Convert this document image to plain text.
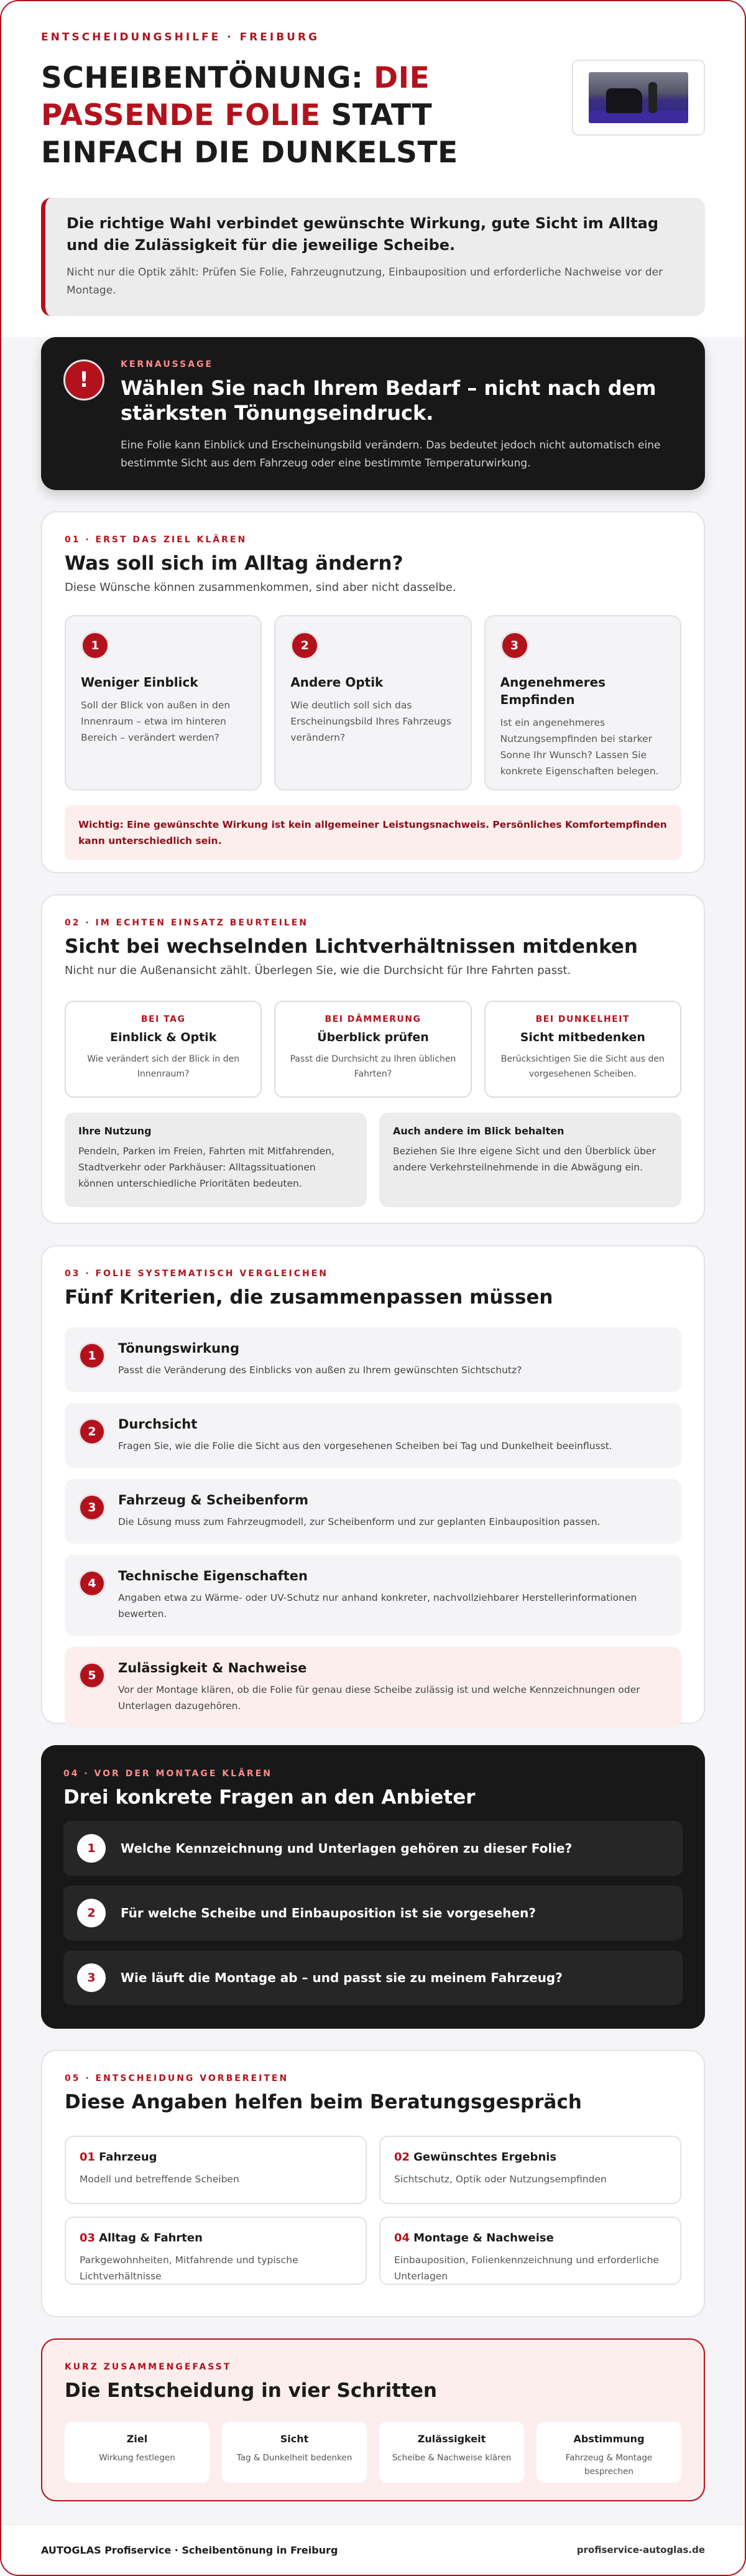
ENTSCHEIDUNGSHILFE · FREIBURG
SCHEIBENTÖNUNG: DIE PASSENDE FOLIE STATT EINFACH DIE DUNKELSTE
Die richtige Wahl verbindet gewünschte Wirkung, gute Sicht im Alltag und die Zulässigkeit für die jeweilige Scheibe.

Nicht nur die Optik zählt: Prüfen Sie Folie, Fahrzeugnutzung, Einbauposition und erforderliche Nachweise vor der Montage.

!
KERNAUSSAGE
Wählen Sie nach Ihrem Bedarf – nicht nach dem stärksten Tönungseindruck.

Eine Folie kann Einblick und Erscheinungsbild verändern. Das bedeutet jedoch nicht automatisch eine bestimmte Sicht aus dem Fahrzeug oder eine bestimmte Temperaturwirkung.

01 · ERST DAS ZIEL KLÄREN
Was soll sich im Alltag ändern?
Diese Wünsche können zusammenkommen, sind aber nicht dasselbe.
1
Weniger Einblick

Soll der Blick von außen in den Innenraum – etwa im hinteren Bereich – verändert werden?

2
Andere Optik

Wie deutlich soll sich das Erscheinungsbild Ihres Fahrzeugs verändern?

3
Angenehmeres Empfinden

Ist ein angenehmeres Nutzungsempfinden bei starker Sonne Ihr Wunsch? Lassen Sie konkrete Eigenschaften belegen.

Wichtig: Eine gewünschte Wirkung ist kein allgemeiner Leistungsnachweis. Persönliches Komfortempfinden kann unterschiedlich sein.
02 · IM ECHTEN EINSATZ BEURTEILEN
Sicht bei wechselnden Lichtverhältnissen mitdenken
Nicht nur die Außenansicht zählt. Überlegen Sie, wie die Durchsicht für Ihre Fahrten passt.
BEI TAG
Einblick & Optik
Wie verändert sich der Blick in den Innenraum?
BEI DÄMMERUNG
Überblick prüfen
Passt die Durchsicht zu Ihren üblichen Fahrten?
BEI DUNKELHEIT
Sicht mitbedenken
Berücksichtigen Sie die Sicht aus den vorgesehenen Scheiben.
Ihre Nutzung

Pendeln, Parken im Freien, Fahrten mit Mitfahrenden, Stadtverkehr oder Parkhäuser: Alltagssituationen können unterschiedliche Prioritäten bedeuten.

Auch andere im Blick behalten

Beziehen Sie Ihre eigene Sicht und den Überblick über andere Verkehrsteilnehmende in die Abwägung ein.

03 · FOLIE SYSTEMATISCH VERGLEICHEN
Fünf Kriterien, die zusammenpassen müssen
1	Tönungswirkung

Passt die Veränderung des Einblicks von außen zu Ihrem gewünschten Sichtschutz?

2	Durchsicht

Fragen Sie, wie die Folie die Sicht aus den vorgesehenen Scheiben bei Tag und Dunkelheit beeinflusst.

3	Fahrzeug & Scheibenform

Die Lösung muss zum Fahrzeugmodell, zur Scheibenform und zur geplanten Einbauposition passen.

4	Technische Eigenschaften

Angaben etwa zu Wärme- oder UV-Schutz nur anhand konkreter, nachvollziehbarer Herstellerinformationen bewerten.

5	Zulässigkeit & Nachweise

Vor der Montage klären, ob die Folie für genau diese Scheibe zulässig ist und welche Kennzeichnungen oder Unterlagen dazugehören.

04 · VOR DER MONTAGE KLÄREN
Drei konkrete Fragen an den Anbieter
1	Welche Kennzeichnung und Unterlagen gehören zu dieser Folie?
2	Für welche Scheibe und Einbauposition ist sie vorgesehen?
3	Wie läuft die Montage ab – und passt sie zu meinem Fahrzeug?
05 · ENTSCHEIDUNG VORBEREITEN
Diese Angaben helfen beim Beratungsgespräch
01 Fahrzeug

Modell und betreffende Scheiben

02 Gewünschtes Ergebnis

Sichtschutz, Optik oder Nutzungsempfinden

03 Alltag & Fahrten

Parkgewohnheiten, Mitfahrende und typische Lichtverhältnisse

04 Montage & Nachweise

Einbauposition, Folienkennzeichnung und erforderliche Unterlagen

KURZ ZUSAMMENGEFASST
Die Entscheidung in vier Schritten
Ziel
Wirkung festlegen
Sicht
Tag & Dunkelheit bedenken
Zulässigkeit
Scheibe & Nachweise klären
Abstimmung
Fahrzeug & Montage besprechen
AUTOGLAS Profiservice · Scheibentönung in Freiburg	profiservice-autoglas.de
